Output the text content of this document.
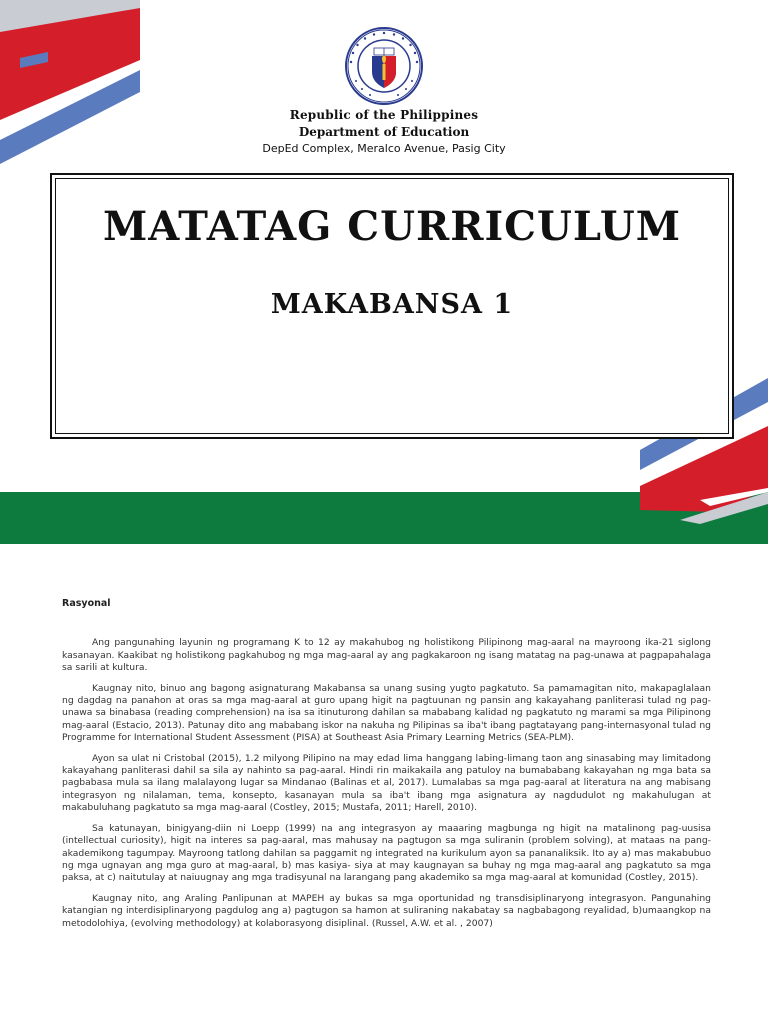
Republic of the Philippines
Department of Education
DepEd Complex, Meralco Avenue, Pasig City
MATATAG CURRICULUM
MAKABANSA 1
Rasyonal

Ang pangunahing layunin ng programang K to 12 ay makahubog ng holistikong Pilipinong mag-aaral na mayroong ika-21 siglong kasanayan. Kaakibat ng holistikong pagkahubog ng mga mag-aaral ay ang pagkakaroon ng isang matatag na pag-unawa at pagpapahalaga sa sarili at kultura.

Kaugnay nito, binuo ang bagong asignaturang Makabansa sa unang susing yugto pagkatuto. Sa pamamagitan nito, makapaglalaan ng dagdag na panahon at oras sa mga mag-aaral at guro upang higit na pagtuunan ng pansin ang kakayahang panliterasi tulad ng pag-unawa sa binabasa (reading comprehension) na isa sa itinuturong dahilan sa mababang kalidad ng pagkatuto ng marami sa mga Pilipinong mag-aaral (Estacio, 2013). Patunay dito ang mababang iskor na nakuha ng Pilipinas sa iba't ibang pagtatayang pang-internasyonal tulad ng Programme for International Student Assessment (PISA) at Southeast Asia Primary Learning Metrics (SEA-PLM).

Ayon sa ulat ni Cristobal (2015), 1.2 milyong Pilipino na may edad lima hanggang labing-limang taon ang sinasabing may limitadong kakayahang panliterasi dahil sa sila ay nahinto sa pag-aaral. Hindi rin maikakaila ang patuloy na bumababang kakayahan ng mga bata sa pagbabasa mula sa ilang malalayong lugar sa Mindanao (Balinas et al, 2017). Lumalabas sa mga pag-aaral at literatura na ang mabisang integrasyon ng nilalaman, tema, konsepto, kasanayan mula sa iba't ibang mga asignatura ay nagdudulot ng makahulugan at makabuluhang pagkatuto sa mga mag-aaral (Costley, 2015; Mustafa, 2011; Harell, 2010).

Sa katunayan, binigyang-diin ni Loepp (1999) na ang integrasyon ay maaaring magbunga ng higit na matalinong pag-uusisa (intellectual curiosity), higit na interes sa pag-aaral, mas mahusay na pagtugon sa mga suliranin (problem solving), at mataas na pang-akademikong tagumpay. Mayroong tatlong dahilan sa paggamit ng integrated na kurikulum ayon sa pananaliksik. Ito ay a) mas makabubuo ng mga ugnayan ang mga guro at mag-aaral, b) mas kasiya- siya at may kaugnayan sa buhay ng mga mag-aaral ang pagkatuto sa mga paksa, at c) naitutulay at naiuugnay ang mga tradisyunal na larangang pang akademiko sa mga mag-aaral at komunidad (Costley, 2015).

Kaugnay nito, ang Araling Panlipunan at MAPEH ay bukas sa mga oportunidad ng transdisiplinaryong integrasyon. Pangunahing katangian ng interdisiplinaryong pagdulog ang a) pagtugon sa hamon at suliraning nakabatay sa nagbabagong reyalidad, b)umaangkop na metodolohiya, (evolving methodology) at kolaborasyong disiplinal. (Russel, A.W. et al. , 2007)
